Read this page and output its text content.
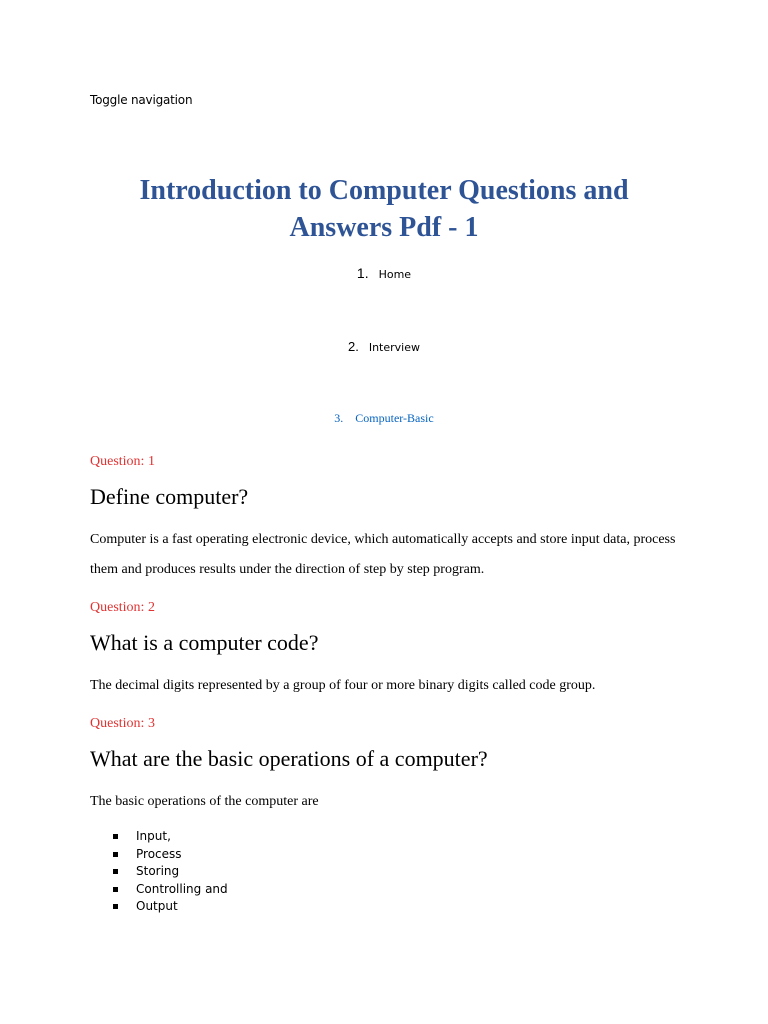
Toggle navigation
Introduction to Computer Questions and
Answers Pdf - 1
1. Home
2. Interview
3. Computer-Basic
Question: 1
Define computer?
Computer is a fast operating electronic device, which automatically accepts and store input data, process them and produces results under the direction of step by step program.
Question: 2
What is a computer code?
The decimal digits represented by a group of four or more binary digits called code group.
Question: 3
What are the basic operations of a computer?
The basic operations of the computer are
Input,
Process
Storing
Controlling and
Output
